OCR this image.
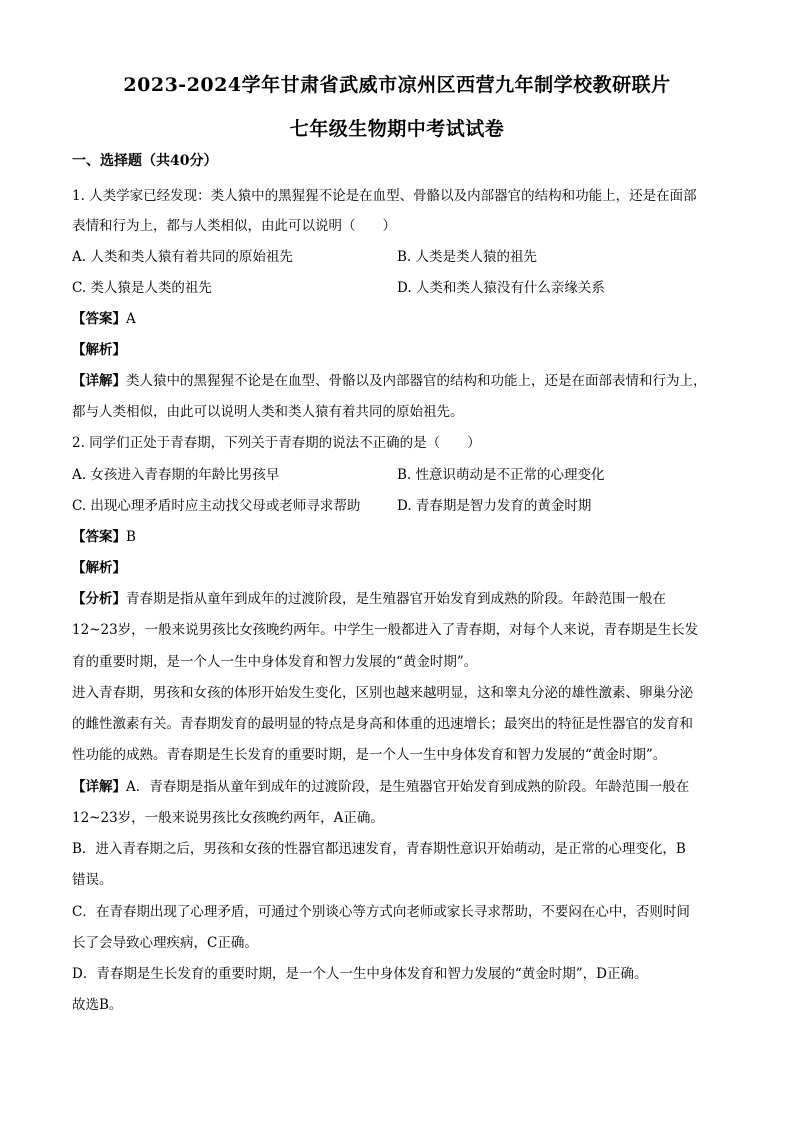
2023-2024学年甘肃省武威市凉州区西营九年制学校教研联片
七年级生物期中考试试卷
一、选择题（共40分）
1. 人类学家已经发现：类人猿中的黑猩猩不论是在血型、骨骼以及内部器官的结构和功能上，还是在面部
表情和行为上，都与人类相似，由此可以说明（　　）
A. 人类和类人猿有着共同的原始祖先	B. 人类是类人猿的祖先
C. 类人猿是人类的祖先	D. 人类和类人猿没有什么亲缘关系
【答案】A
【解析】
【详解】类人猿中的黑猩猩不论是在血型、骨骼以及内部器官的结构和功能上，还是在面部表情和行为上，
都与人类相似，由此可以说明人类和类人猿有着共同的原始祖先。
2. 同学们正处于青春期，下列关于青春期的说法不正确的是（　　）
A. 女孩进入青春期的年龄比男孩早	B. 性意识萌动是不正常的心理变化
C. 出现心理矛盾时应主动找父母或老师寻求帮助	D. 青春期是智力发育的黄金时期
【答案】B
【解析】
【分析】青春期是指从童年到成年的过渡阶段，是生殖器官开始发育到成熟的阶段。年龄范围一般在
12~23岁，一般来说男孩比女孩晚约两年。中学生一般都进入了青春期，对每个人来说，青春期是生长发
育的重要时期，是一个人一生中身体发育和智力发展的“黄金时期”。
进入青春期，男孩和女孩的体形开始发生变化，区别也越来越明显，这和睾丸分泌的雄性激素、卵巢分泌
的雌性激素有关。青春期发育的最明显的特点是身高和体重的迅速增长；最突出的特征是性器官的发育和
性功能的成熟。青春期是生长发育的重要时期，是一个人一生中身体发育和智力发展的“黄金时期”。
【详解】A．青春期是指从童年到成年的过渡阶段，是生殖器官开始发育到成熟的阶段。年龄范围一般在
12~23岁，一般来说男孩比女孩晚约两年，A正确。
B．进入青春期之后，男孩和女孩的性器官都迅速发育，青春期性意识开始萌动，是正常的心理变化，B
错误。
C．在青春期出现了心理矛盾，可通过个别谈心等方式向老师或家长寻求帮助，不要闷在心中，否则时间
长了会导致心理疾病，C正确。
D．青春期是生长发育的重要时期，是一个人一生中身体发育和智力发展的“黄金时期”，D正确。
故选B。
